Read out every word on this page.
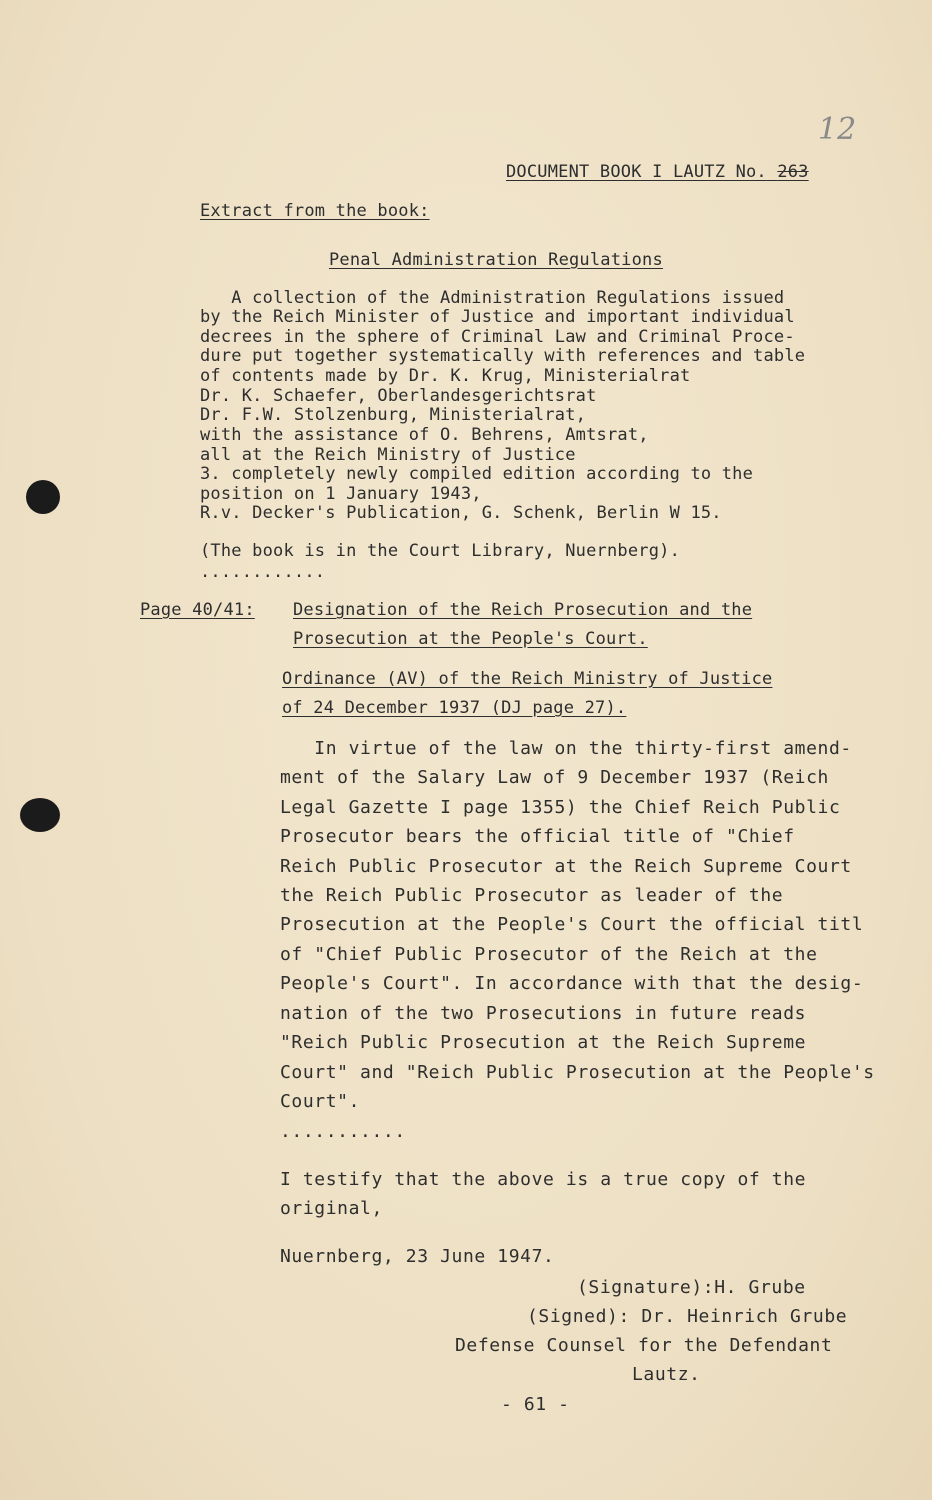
12
DOCUMENT BOOK I LAUTZ No. 263
Extract from the book:
Penal Administration Regulations
A collection of the Administration Regulations issued
by the Reich Minister of Justice and important individual
decrees in the sphere of Criminal Law and Criminal Proce-
dure put together systematically with references and table
of contents made by Dr. K. Krug, Ministerialrat
Dr. K. Schaefer, Oberlandesgerichtsrat
Dr. F.W. Stolzenburg, Ministerialrat,
with the assistance of O. Behrens, Amtsrat,
all at the Reich Ministry of Justice
3. completely newly compiled edition according to the
position on 1 January 1943,
R.v. Decker's Publication, G. Schenk, Berlin W 15.
(The book is in the Court Library, Nuernberg).
............
Page 40/41: Designation of the Reich Prosecution and the
Prosecution at the People's Court.
Ordinance (AV) of the Reich Ministry of Justice
of 24 December 1937 (DJ page 27).
In virtue of the law on the thirty-first amend-
ment of the Salary Law of 9 December 1937 (Reich
Legal Gazette I page 1355) the Chief Reich Public
Prosecutor bears the official title of "Chief
Reich Public Prosecutor at the Reich Supreme Court
the Reich Public Prosecutor as leader of the
Prosecution at the People's Court the official titl
of "Chief Public Prosecutor of the Reich at the
People's Court". In accordance with that the desig-
nation of the two Prosecutions in future reads
"Reich Public Prosecution at the Reich Supreme
Court" and "Reich Public Prosecution at the People's
Court".
...........
I testify that the above is a true copy of the
original,
Nuernberg, 23 June 1947.
(Signature):H. Grube
(Signed): Dr. Heinrich Grube
Defense Counsel for the Defendant
Lautz.
- 61 -
